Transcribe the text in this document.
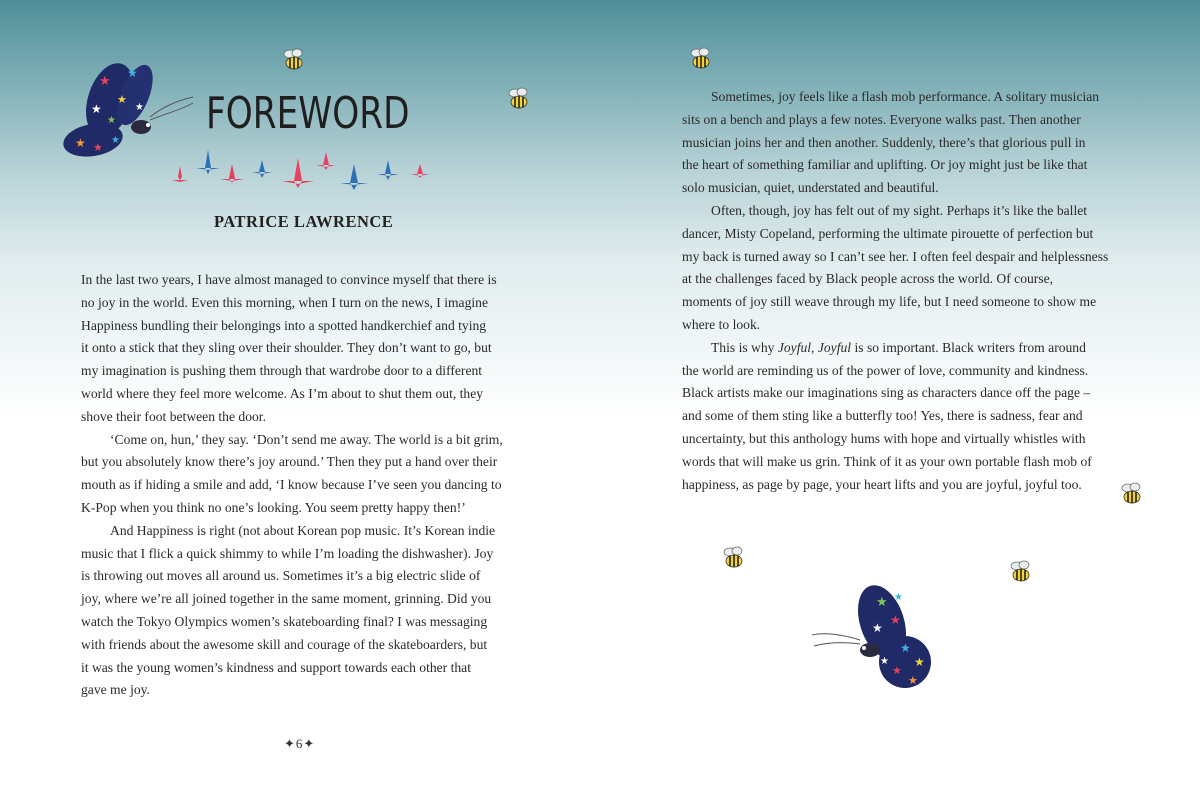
★
★
★
★
★
★ ★
★
★ FOREWORD
PATRICE LAWRENCE

In the last two years, I have almost managed to convince myself that there is
no joy in the world. Even this morning, when I turn on the news, I imagine
Happiness bundling their belongings into a spotted handkerchief and tying
it onto a stick that they sling over their shoulder. They don’t want to go, but
my imagination is pushing them through that wardrobe door to a different
world where they feel more welcome. As I’m about to shut them out, they
shove their foot between the door.

‘Come on, hun,’ they say. ‘Don’t send me away. The world is a bit grim,
but you absolutely know there’s joy around.’ Then they put a hand over their
mouth as if hiding a smile and add, ‘I know because I’ve seen you dancing to
K-Pop when you think no one’s looking. You seem pretty happy then!’

And Happiness is right (not about Korean pop music. It’s Korean indie
music that I flick a quick shimmy to while I’m loading the dishwasher). Joy
is throwing out moves all around us. Sometimes it’s a big electric slide of
joy, where we’re all joined together in the same moment, grinning. Did you
watch the Tokyo Olympics women’s skateboarding final? I was messaging
with friends about the awesome skill and courage of the skateboarders, but
it was the young women’s kindness and support towards each other that
gave me joy.

✦6✦
★
★
★
★
★
★
★
★
★

Sometimes, joy feels like a flash mob performance. A solitary musician
sits on a bench and plays a few notes. Everyone walks past. Then another
musician joins her and then another. Suddenly, there’s that glorious pull in
the heart of something familiar and uplifting. Or joy might just be like that
solo musician, quiet, understated and beautiful.

Often, though, joy has felt out of my sight. Perhaps it’s like the ballet
dancer, Misty Copeland, performing the ultimate pirouette of perfection but
my back is turned away so I can’t see her. I often feel despair and helplessness
at the challenges faced by Black people across the world. Of course,
moments of joy still weave through my life, but I need someone to show me
where to look.

This is why Joyful, Joyful is so important. Black writers from around
the world are reminding us of the power of love, community and kindness.
Black artists make our imaginations sing as characters dance off the page –
and some of them sting like a butterfly too! Yes, there is sadness, fear and
uncertainty, but this anthology hums with hope and virtually whistles with
words that will make us grin. Think of it as your own portable flash mob of
happiness, as page by page, your heart lifts and you are joyful, joyful too.
